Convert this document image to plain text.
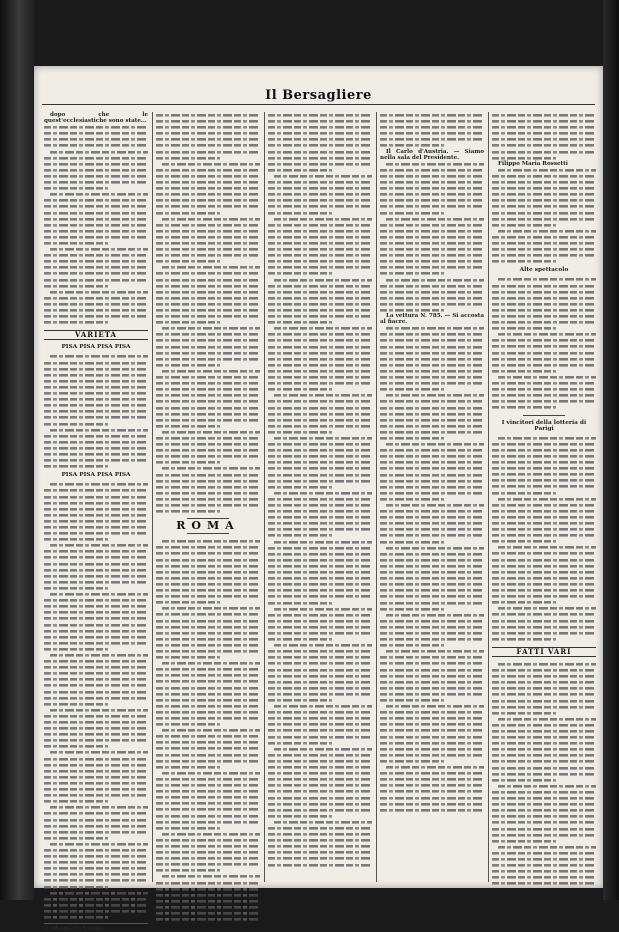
Il Bersagliere

dopo che le quest'ecclesiastiche sono state...

VARIETÀ
PISA PISA PISA PISA
PISA PISA PISA PISA
(1) Monte—(1) 5 lunno.
ROMA

Il Carlo d'Austria. — Siamo nella sala del Presidente.

La vettura N. 785. — Si accosta al fiacre.

Filippo Maria Rossetti

Alte spettacolo
I vincitori della lotteria di Parigi
FATTI VARI
